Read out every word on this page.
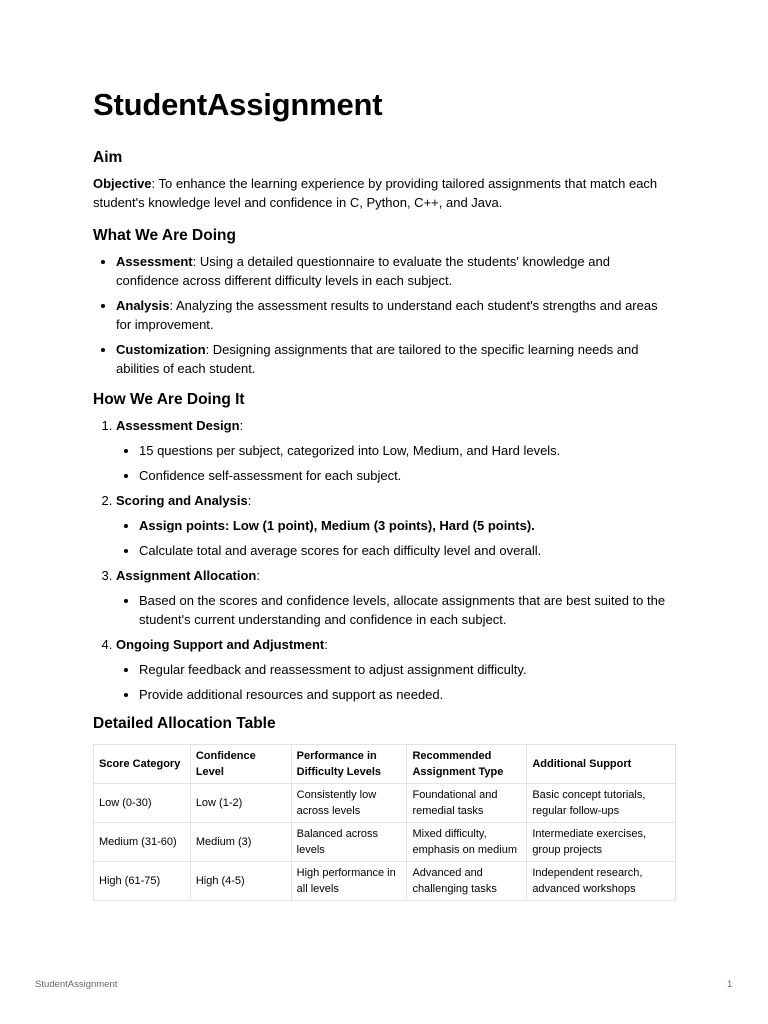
StudentAssignment
Aim

Objective: To enhance the learning experience by providing tailored assignments that match each student's knowledge level and confidence in C, Python, C++, and Java.

What We Are Doing
• Assessment: Using a detailed questionnaire to evaluate the students' knowledge and confidence across different difficulty levels in each subject.
• Analysis: Analyzing the assessment results to understand each student's strengths and areas for improvement.
• Customization: Designing assignments that are tailored to the specific learning needs and abilities of each student.
How We Are Doing It
1. Assessment Design:
• 15 questions per subject, categorized into Low, Medium, and Hard levels.
• Confidence self-assessment for each subject.
2. Scoring and Analysis:
• Assign points: Low (1 point), Medium (3 points), Hard (5 points).
• Calculate total and average scores for each difficulty level and overall.
3. Assignment Allocation:
• Based on the scores and confidence levels, allocate assignments that are best suited to the student's current understanding and confidence in each subject.
4. Ongoing Support and Adjustment:
• Regular feedback and reassessment to adjust assignment difficulty.
• Provide additional resources and support as needed.
Detailed Allocation Table
Score Category	Confidence Level	Performance in Difficulty Levels	Recommended Assignment Type	Additional Support
Low (0-30)	Low (1-2)	Consistently low across levels	Foundational and remedial tasks	Basic concept tutorials, regular follow-ups
Medium (31-60)	Medium (3)	Balanced across levels	Mixed difficulty, emphasis on medium	Intermediate exercises, group projects
High (61-75)	High (4-5)	High performance in all levels	Advanced and challenging tasks	Independent research, advanced workshops
StudentAssignment	1
